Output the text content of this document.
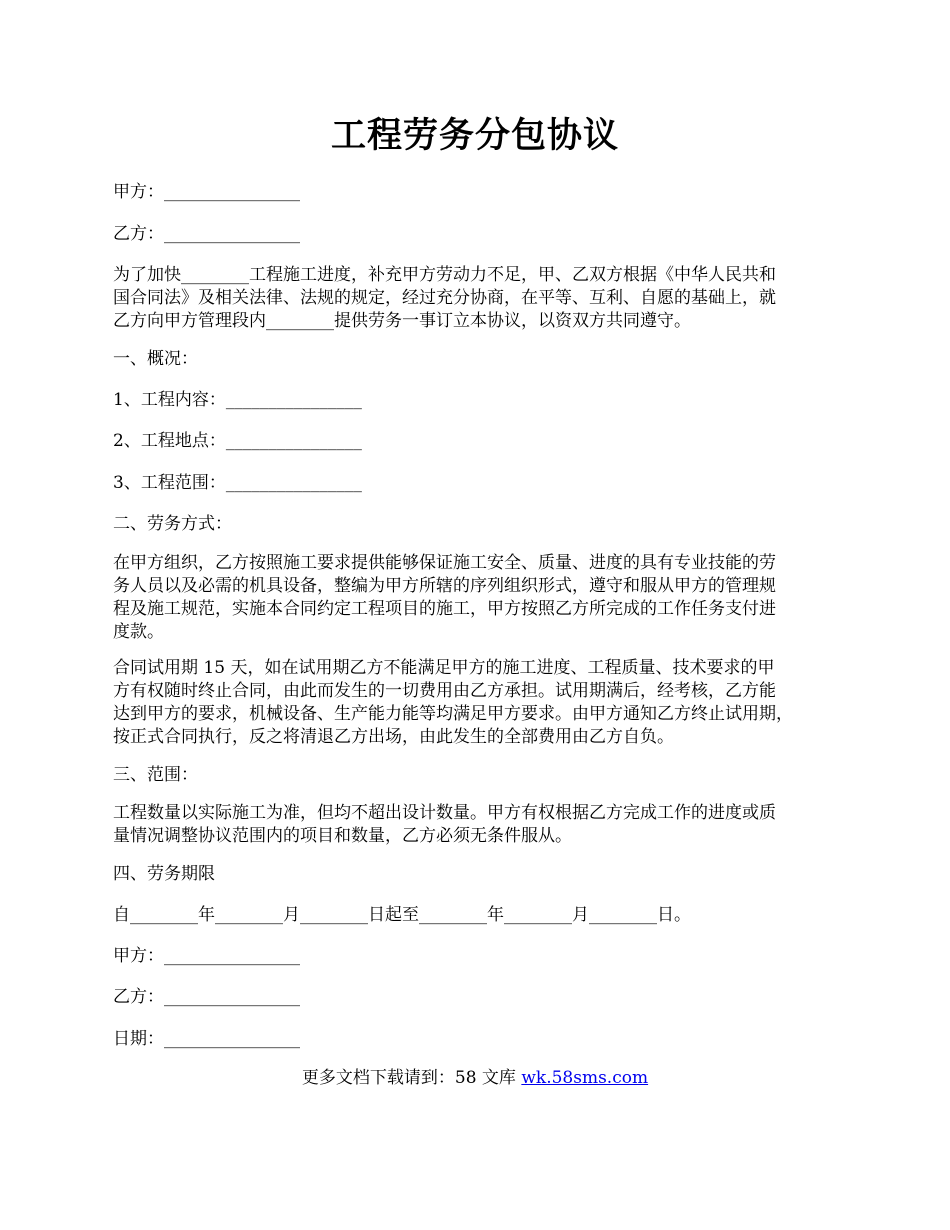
工程劳务分包协议

甲方：________________

乙方：________________

为了加快________工程施工进度，补充甲方劳动力不足，甲、乙双方根据《中华人民共和

国合同法》及相关法律、法规的规定，经过充分协商，在平等、互利、自愿的基础上，就

乙方向甲方管理段内________提供劳务一事订立本协议，以资双方共同遵守。

一、概况：

1、工程内容：________________

2、工程地点：________________

3、工程范围：________________

二、劳务方式：

在甲方组织，乙方按照施工要求提供能够保证施工安全、质量、进度的具有专业技能的劳

务人员以及必需的机具设备，整编为甲方所辖的序列组织形式，遵守和服从甲方的管理规

程及施工规范，实施本合同约定工程项目的施工，甲方按照乙方所完成的工作任务支付进

度款。

合同试用期 15 天，如在试用期乙方不能满足甲方的施工进度、工程质量、技术要求的甲

方有权随时终止合同，由此而发生的一切费用由乙方承担。试用期满后，经考核，乙方能

达到甲方的要求，机械设备、生产能力能等均满足甲方要求。由甲方通知乙方终止试用期，

按正式合同执行，反之将清退乙方出场，由此发生的全部费用由乙方自负。

三、范围：

工程数量以实际施工为准，但均不超出设计数量。甲方有权根据乙方完成工作的进度或质

量情况调整协议范围内的项目和数量，乙方必须无条件服从。

四、劳务期限

自________年________月________日起至________年________月________日。

甲方：________________

乙方：________________

日期：________________

更多文档下载请到：58 文库 wk.58sms.com
